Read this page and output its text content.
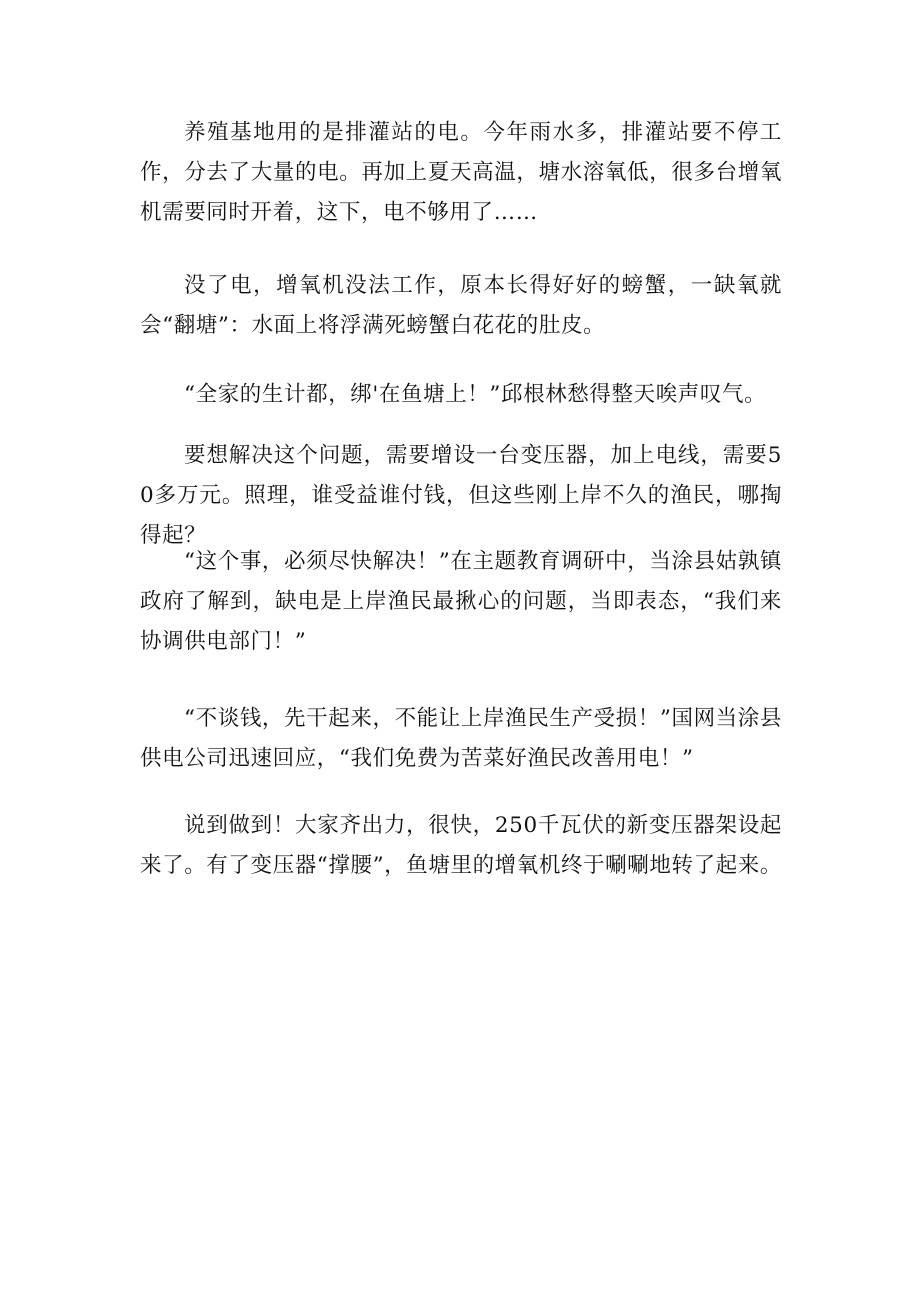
养殖基地用的是排灌站的电。今年雨水多，排灌站要不停工作，分去了大量的电。再加上夏天高温，塘水溶氧低，很多台增氧机需要同时开着，这下，电不够用了……

没了电，增氧机没法工作，原本长得好好的螃蟹，一缺氧就会“翻塘”：水面上将浮满死螃蟹白花花的肚皮。

“全家的生计都，绑'在鱼塘上！”邱根林愁得整天唉声叹气。

要想解决这个问题，需要增设一台变压器，加上电线，需要50多万元。照理，谁受益谁付钱，但这些刚上岸不久的渔民，哪掏得起？

“这个事，必须尽快解决！”在主题教育调研中，当涂县姑孰镇政府了解到，缺电是上岸渔民最揪心的问题，当即表态，“我们来协调供电部门！”

“不谈钱，先干起来，不能让上岸渔民生产受损！”国网当涂县供电公司迅速回应，“我们免费为苦菜好渔民改善用电！”

说到做到！大家齐出力，很快，250千瓦伏的新变压器架设起来了。有了变压器“撑腰”，鱼塘里的增氧机终于唰唰地转了起来。
